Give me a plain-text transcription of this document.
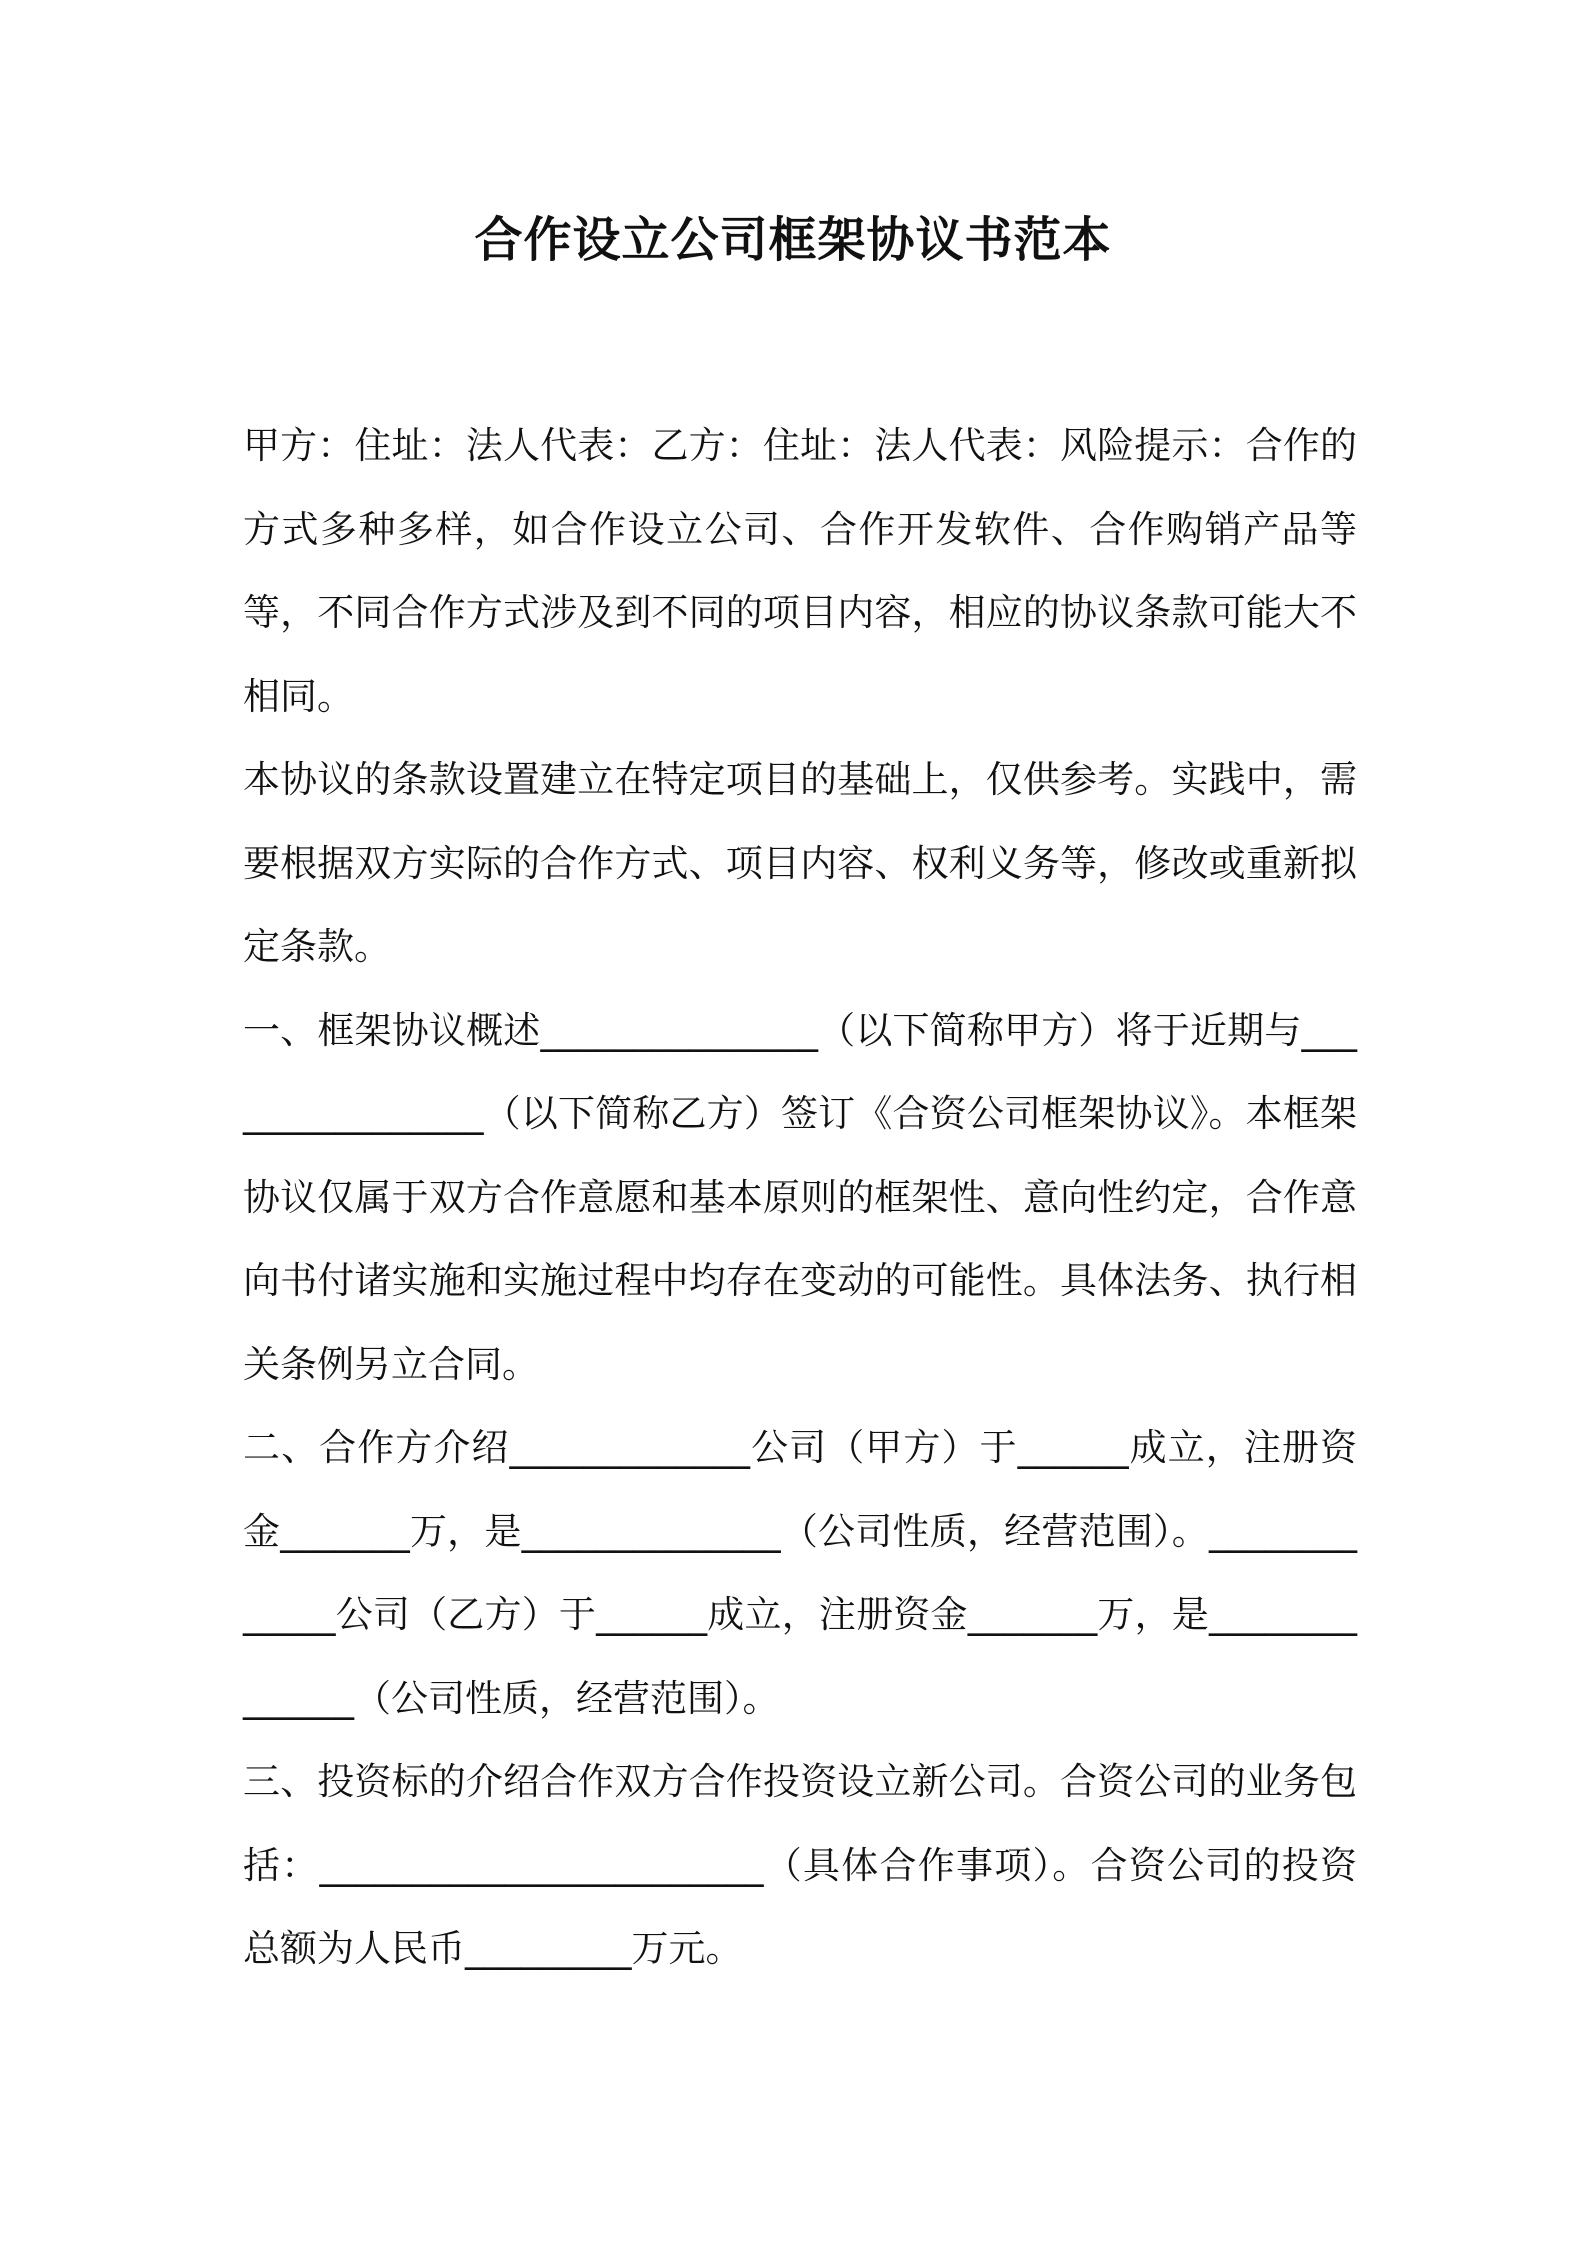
合作设立公司框架协议书范本

甲方：住址：法人代表：乙方：住址：法人代表：风险提示：合作的方式多种多样，如合作设立公司、合作开发软件、合作购销产品等等，不同合作方式涉及到不同的项目内容，相应的协议条款可能大不相同。

本协议的条款设置建立在特定项目的基础上，仅供参考。实践中，需要根据双方实际的合作方式、项目内容、权利义务等，修改或重新拟定条款。

一、框架协议概述_______________（以下简称甲方）将于近期与________________（以下简称乙方）签订《合资公司框架协议》。本框架协议仅属于双方合作意愿和基本原则的框架性、意向性约定，合作意向书付诸实施和实施过程中均存在变动的可能性。具体法务、执行相关条例另立合同。

二、合作方介绍_____________公司（甲方）于______成立，注册资金_______万，是______________（公司性质，经营范围）。_____________公司（乙方）于______成立，注册资金_______万，是______________（公司性质，经营范围）。

三、投资标的介绍合作双方合作投资设立新公司。合资公司的业务包括：________________________（具体合作事项）。合资公司的投资总额为人民币_________万元。
